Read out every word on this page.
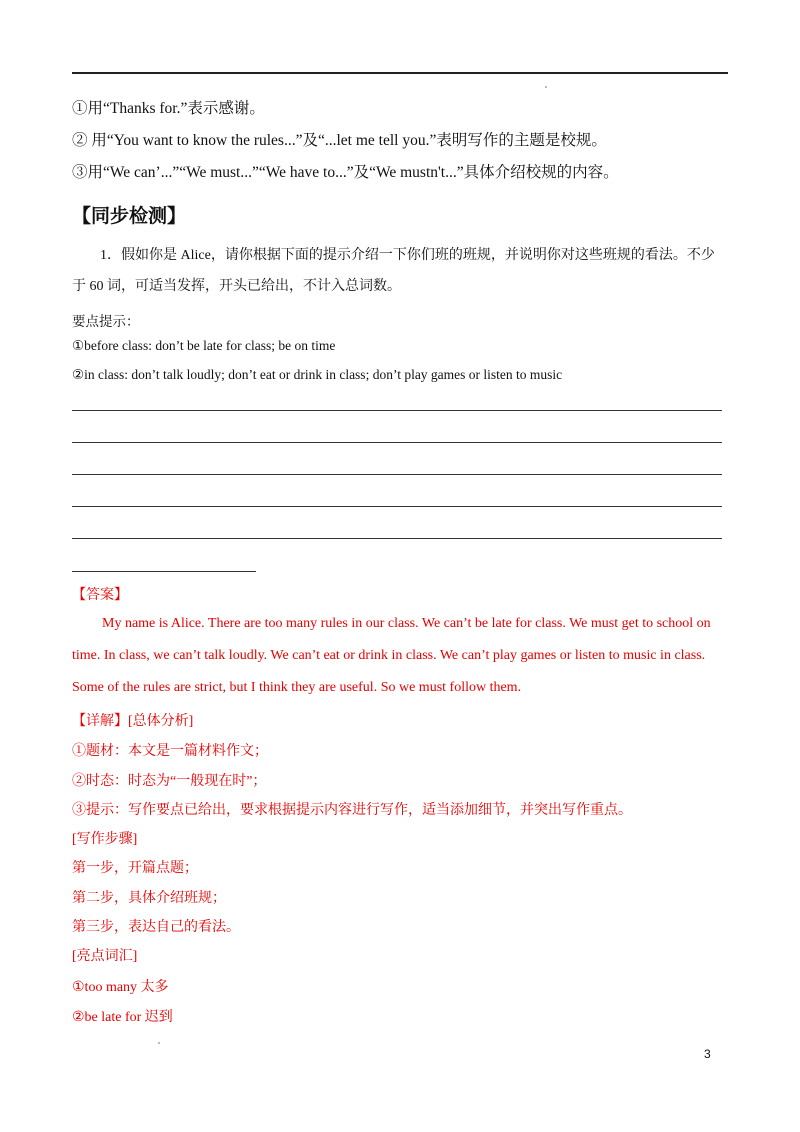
①用“Thanks for.”表示感谢。
② 用“You want to know the rules...”及“...let me tell you.”表明写作的主题是校规。
③用“We can’...”“We must...”“We have to...”及“We mustn't...”具体介绍校规的内容。
【同步检测】
1．假如你是 Alice，请你根据下面的提示介绍一下你们班的班规，并说明你对这些班规的看法。不少于 60 词，可适当发挥，开头已给出，不计入总词数。
要点提示：
①before class: don’t be late for class; be on time
②in class: don’t talk loudly; don’t eat or drink in class; don’t play games or listen to music
【答案】
My name is Alice. There are too many rules in our class. We can’t be late for class. We must get to school on time. In class, we can’t talk loudly. We can’t eat or drink in class. We can’t play games or listen to music in class. Some of the rules are strict, but I think they are useful. So we must follow them.
【详解】[总体分析]
①题材：本文是一篇材料作文；
②时态：时态为“一般现在时”；
③提示：写作要点已给出，要求根据提示内容进行写作，适当添加细节，并突出写作重点。
[写作步骤]
第一步，开篇点题；
第二步，具体介绍班规；
第三步，表达自己的看法。
[亮点词汇]
①too many 太多
②be late for 迟到
3
